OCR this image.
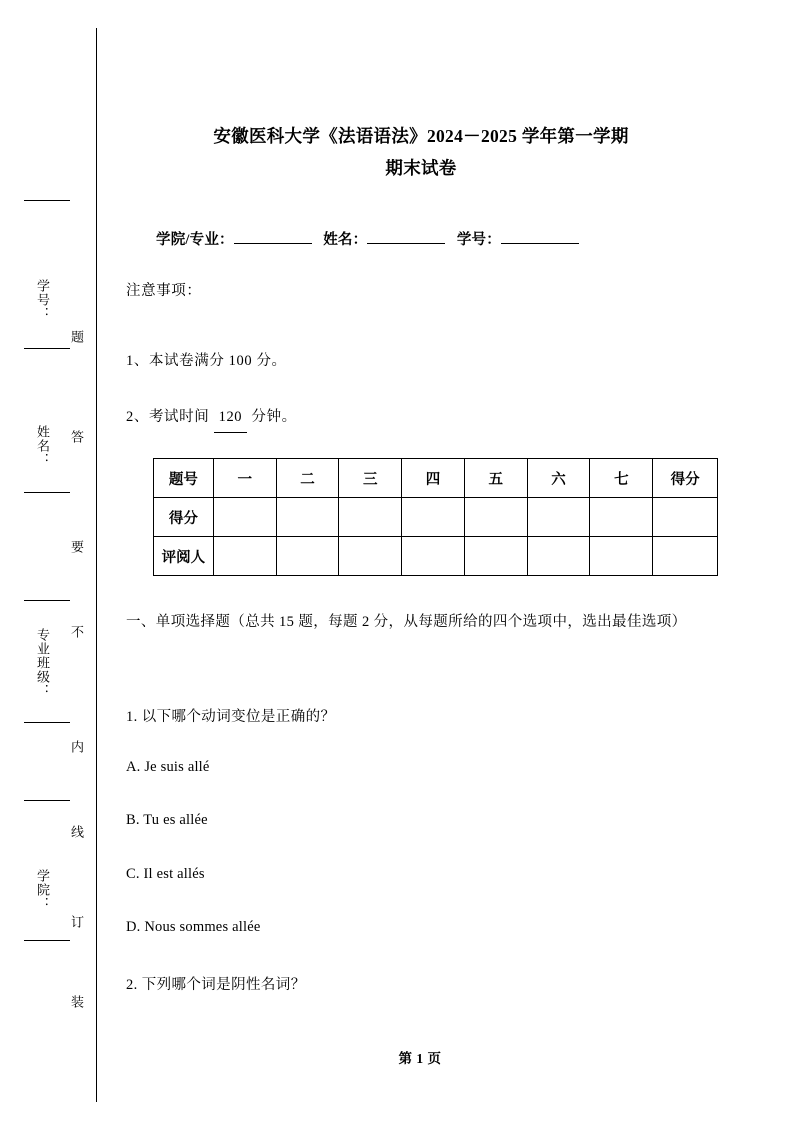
题
答
要
不
内
线
订
装
学号：
姓名：
专业班级：
学院：
安徽医科大学《法语语法》2024－2025 学年第一学期
期末试卷
学院/专业：	姓名：	学号：
注意事项：
1、本试卷满分 100 分。
2、考试时间 120 分钟。
题号	一	二	三	四	五	六	七	得分
得分								
评阅人								
一、单项选择题（总共 15 题，每题 2 分，从每题所给的四个选项中，选出最佳选项）
1. 以下哪个动词变位是正确的？
A. Je suis allé
B. Tu es allée
C. Il est allés
D. Nous sommes allée
2. 下列哪个词是阴性名词？
第 1 页
